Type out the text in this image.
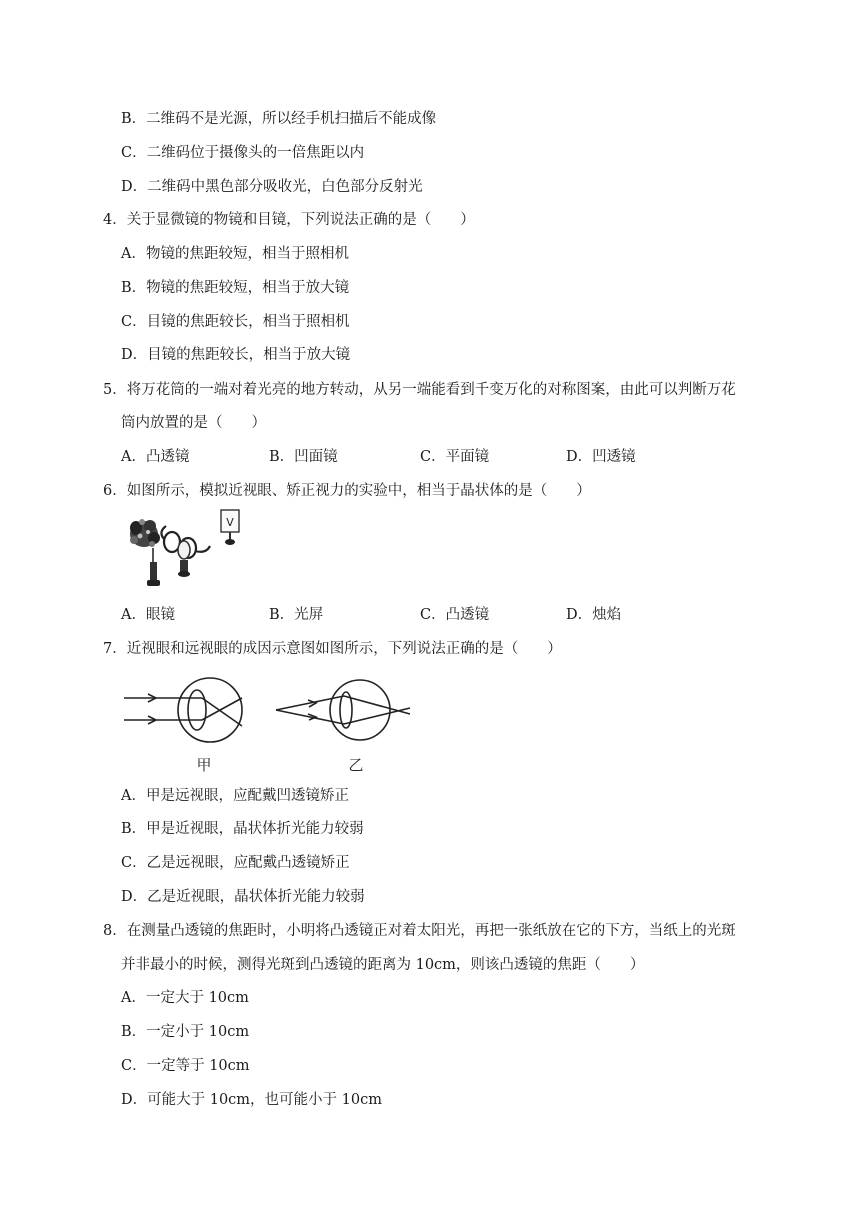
B．二维码不是光源，所以经手机扫描后不能成像
C．二维码位于摄像头的一倍焦距以内
D．二维码中黑色部分吸收光，白色部分反射光
4．关于显微镜的物镜和目镜，下列说法正确的是（　　）
A．物镜的焦距较短，相当于照相机
B．物镜的焦距较短，相当于放大镜
C．目镜的焦距较长，相当于照相机
D．目镜的焦距较长，相当于放大镜
5．将万花筒的一端对着光亮的地方转动，从另一端能看到千变万化的对称图案，由此可以判断万花
筒内放置的是（　　）
A．凸透镜	B．凹面镜	C．平面镜	D．凹透镜
6．如图所示，模拟近视眼、矫正视力的实验中，相当于晶状体的是（　　）
V
A．眼镜	B．光屏	C．凸透镜	D．烛焰
7．近视眼和远视眼的成因示意图如图所示，下列说法正确的是（　　）
甲	乙
A．甲是远视眼，应配戴凹透镜矫正
B．甲是近视眼，晶状体折光能力较弱
C．乙是远视眼，应配戴凸透镜矫正
D．乙是近视眼，晶状体折光能力较弱
8．在测量凸透镜的焦距时，小明将凸透镜正对着太阳光，再把一张纸放在它的下方，当纸上的光斑
并非最小的时候，测得光斑到凸透镜的距离为 10cm，则该凸透镜的焦距（　　）
A．一定大于 10cm
B．一定小于 10cm
C．一定等于 10cm
D．可能大于 10cm，也可能小于 10cm
